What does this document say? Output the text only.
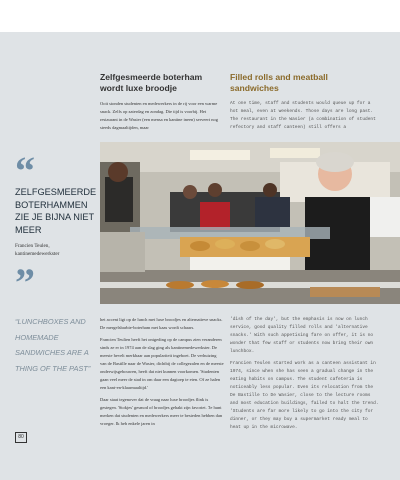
Zelfgesmeerde boterham wordt luxe broodje
Filled rolls and meatball sandwiches

Ooit stonden studenten en medewerkers in de rij voor een warme snack. Zelfs op zaterdag en zondag. Die tijd is voorbij. Het restaurant in de Wasier (een mensa en kantine ineen) serveert nog steeds dagmaaltijden, maar

At one time, staff and students would queue up for a hot meal, even at weekends. Those days are long past. The restaurant in the Wasier (a combination of student refectory and staff canteen) still offers a

“
ZELFGESMEERDE BOTERHAMMEN ZIE JE BIJNA NIET MEER

Francien Teulen,

kantinemedewerkster

”
“LUNCHBOXES AND HOMEMADE SANDWICHES ARE A THING OF THE PAST”
80

het accent ligt op de lunch met luxe broodjes en alternatieve snacks. De mergelsbarbie-boterham met kaas wordt schaars.

Francien Teulien heeft het ontgeding op de campus zien veranderen sinds ze er in 1974 aan de slag ging als kantinemedewerkster. De meeste hevelt merkbaar aan populariteit ingeboet. De verhuizing van de Bastille naar de Wasier, dichtbij de collegezalen en de meeste onderwijsgebouwen, heeft dat niet kunnen voorkomen. 'Studenten gaan veel meer de stad in om daar een dagtoep te eten. Of ze halen een kant-en-klaarmaaltijd.'

Daar staat tegenover dat de vraag naar luxe broodjes flink is gestegen. 'Stokjes' gesmod of broodjes gehakt zijn favoriet. 'Je hunt merken dat studenten en medewerkers meer te besteden hebben dan vroeger. Ik heb enkele jaren in

'dish of the day', but the emphasis is now on lunch service, good quality filled rolls and 'alternative snacks.' With such appetising fare on offer, it is no wonder that few staff or students now bring their own lunchbox.

Francien Teulen started work as a canteen assistant in 1974, since when she has seen a gradual change in the eating habits on campus. The student cafeteria is noticeably less popular. Even its relocation from the De Bastille to De Wasier, close to the lecture rooms and most education buildings, failed to halt the trend. 'Students are far more likely to go into the city for dinner, or they may buy a supermarket ready meal to heat up in the microwave.
